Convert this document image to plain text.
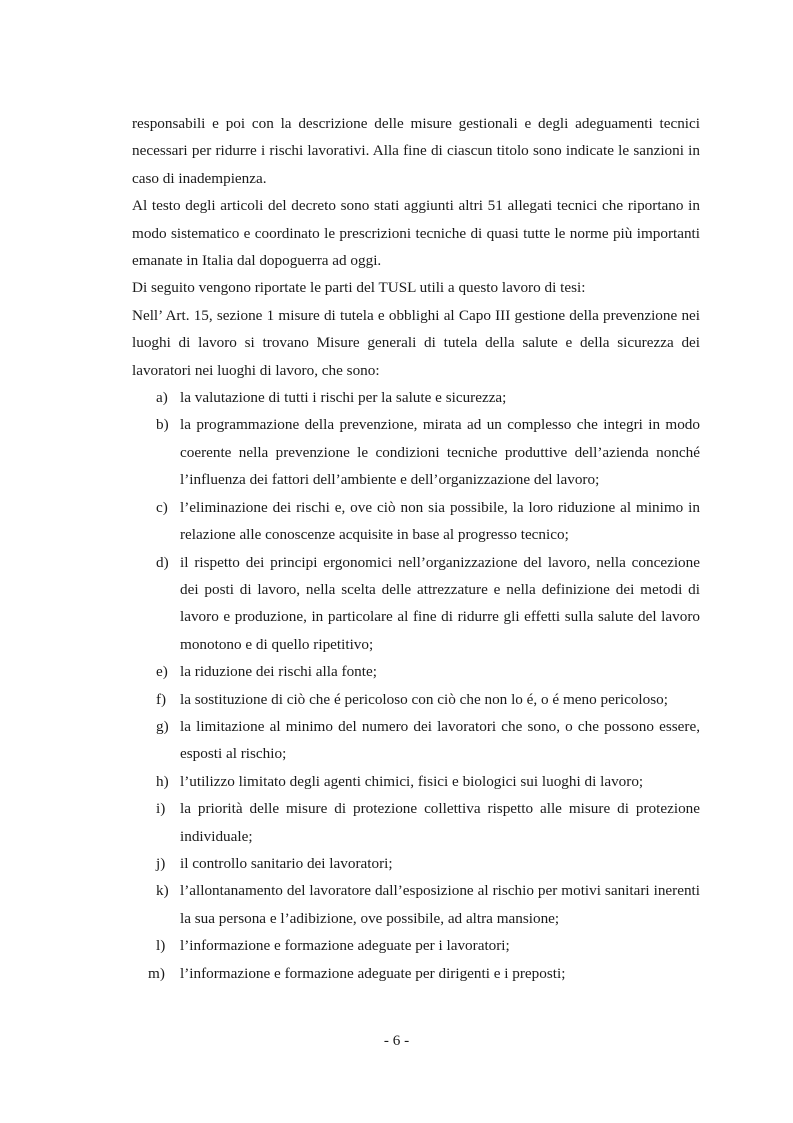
responsabili e poi con la descrizione delle misure gestionali e degli adeguamenti tecnici necessari per ridurre i rischi lavorativi. Alla fine di ciascun titolo sono indicate le sanzioni in caso di inadempienza.

Al testo degli articoli del decreto sono stati aggiunti altri 51 allegati tecnici che riportano in modo sistematico e coordinato le prescrizioni tecniche di quasi tutte le norme più importanti emanate in Italia dal dopoguerra ad oggi.

Di seguito vengono riportate le parti del TUSL utili a questo lavoro di tesi:

Nell’ Art. 15, sezione 1 misure di tutela e obblighi al Capo III gestione della prevenzione nei luoghi di lavoro si trovano Misure generali di tutela della salute e della sicurezza dei lavoratori nei luoghi di lavoro, che sono:

a) la valutazione di tutti i rischi per la salute e sicurezza;
b) la programmazione della prevenzione, mirata ad un complesso che integri in modo coerente nella prevenzione le condizioni tecniche produttive dell’azienda nonché l’influenza dei fattori dell’ambiente e dell’organizzazione del lavoro;
c) l’eliminazione dei rischi e, ove ciò non sia possibile, la loro riduzione al minimo in relazione alle conoscenze acquisite in base al progresso tecnico;
d) il rispetto dei principi ergonomici nell’organizzazione del lavoro, nella concezione dei posti di lavoro, nella scelta delle attrezzature e nella definizione dei metodi di lavoro e produzione, in particolare al fine di ridurre gli effetti sulla salute del lavoro monotono e di quello ripetitivo;
e) la riduzione dei rischi alla fonte;
f) la sostituzione di ciò che é pericoloso con ciò che non lo é, o é meno pericoloso;
g) la limitazione al minimo del numero dei lavoratori che sono, o che possono essere, esposti al rischio;
h) l’utilizzo limitato degli agenti chimici, fisici e biologici sui luoghi di lavoro;
i) la priorità delle misure di protezione collettiva rispetto alle misure di protezione individuale;
j) il controllo sanitario dei lavoratori;
k) l’allontanamento del lavoratore dall’esposizione al rischio per motivi sanitari inerenti la sua persona e l’adibizione, ove possibile, ad altra mansione;
l) l’informazione e formazione adeguate per i lavoratori;
m) l’informazione e formazione adeguate per dirigenti e i preposti;
- 6 -
